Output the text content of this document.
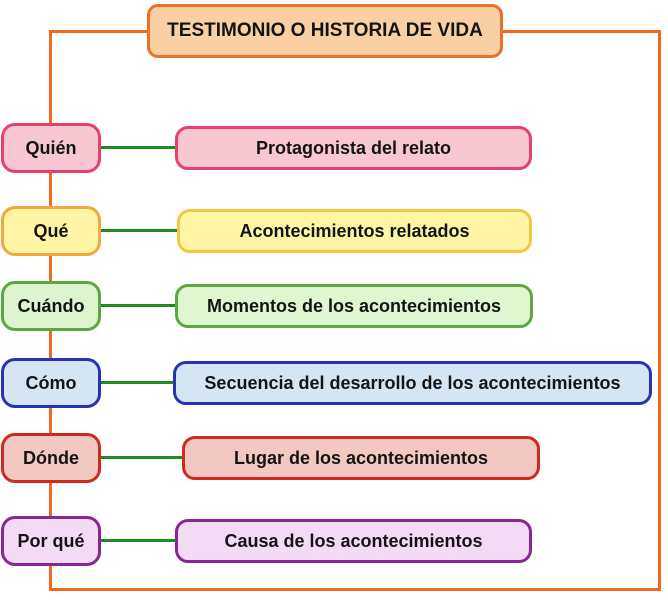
TESTIMONIO O HISTORIA DE VIDA
Quién	Protagonista del relato
Qué	Acontecimientos relatados
Cuándo	Momentos de los acontecimientos
Cómo	Secuencia del desarrollo de los acontecimientos
Dónde	Lugar de los acontecimientos
Por qué	Causa de los acontecimientos
